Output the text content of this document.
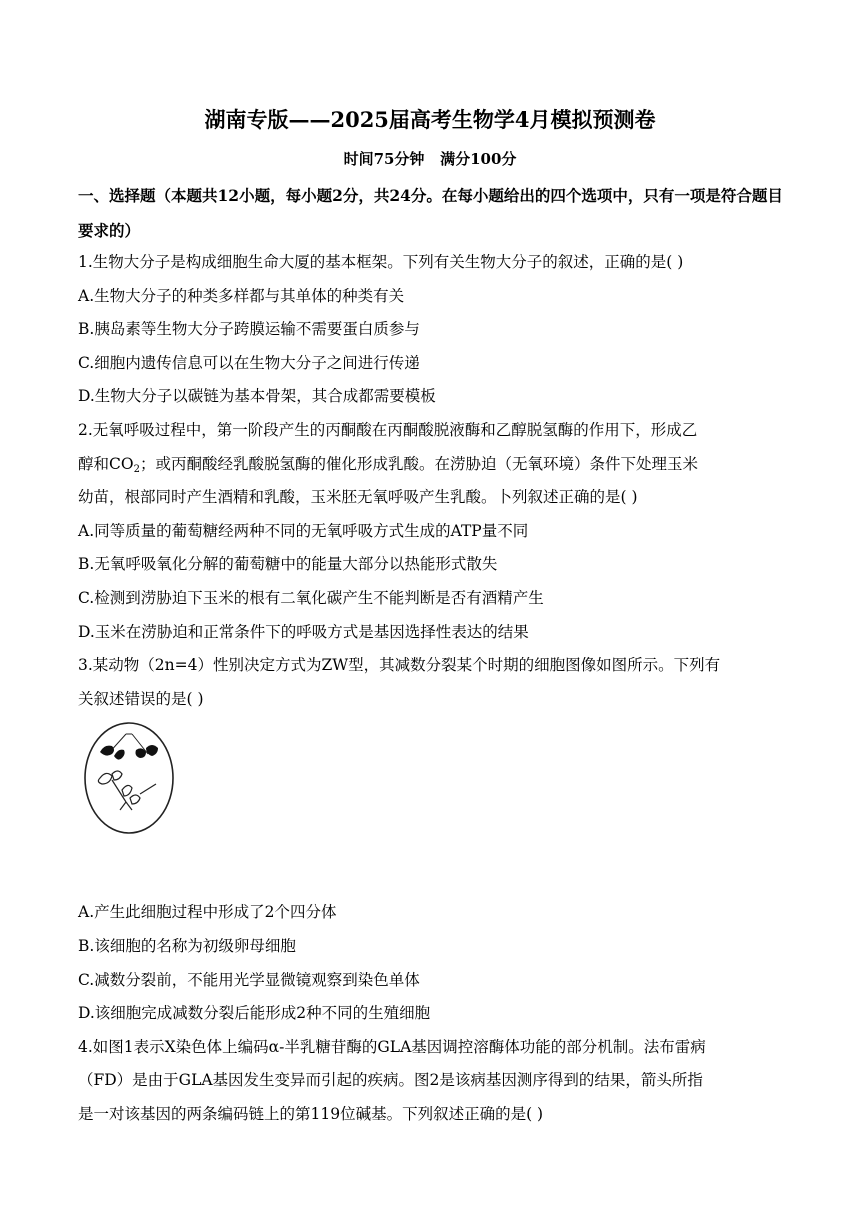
湖南专版——2025届高考生物学4月模拟预测卷
时间75分钟   满分100分
一、选择题（本题共12小题，每小题2分，共24分。在每小题给出的四个选项中，只有一项是符合题目要求的）
1.生物大分子是构成细胞生命大厦的基本框架。下列有关生物大分子的叙述，正确的是( )
A.生物大分子的种类多样都与其单体的种类有关
B.胰岛素等生物大分子跨膜运输不需要蛋白质参与
C.细胞内遗传信息可以在生物大分子之间进行传递
D.生物大分子以碳链为基本骨架，其合成都需要模板
2.无氧呼吸过程中，第一阶段产生的丙酮酸在丙酮酸脱液酶和乙醇脱氢酶的作用下，形成乙
醇和$CO_2$；或丙酮酸经乳酸脱氢酶的催化形成乳酸。在涝胁迫（无氧环境）条件下处理玉米
幼苗，根部同时产生酒精和乳酸，玉米胚无氧呼吸产生乳酸。卜列叙述正确的是( )
A.同等质量的葡萄糖经两种不同的无氧呼吸方式生成的ATP量不同
B.无氧呼吸氧化分解的葡萄糖中的能量大部分以热能形式散失
C.检测到涝胁迫下玉米的根有二氧化碳产生不能判断是否有酒精产生
D.玉米在涝胁迫和正常条件下的呼吸方式是基因选择性表达的结果
3.某动物（2n=4）性别决定方式为ZW型，其减数分裂某个时期的细胞图像如图所示。下列有
关叙述错误的是( )
A.产生此细胞过程中形成了2个四分体
B.该细胞的名称为初级卵母细胞
C.减数分裂前，不能用光学显微镜观察到染色单体
D.该细胞完成减数分裂后能形成2种不同的生殖细胞
4.如图1表示X染色体上编码α-半乳糖苷酶的GLA基因调控溶酶体功能的部分机制。法布雷病
（FD）是由于GLA基因发生变异而引起的疾病。图2是该病基因测序得到的结果，箭头所指
是一对该基因的两条编码链上的第119位碱基。下列叙述正确的是( )
